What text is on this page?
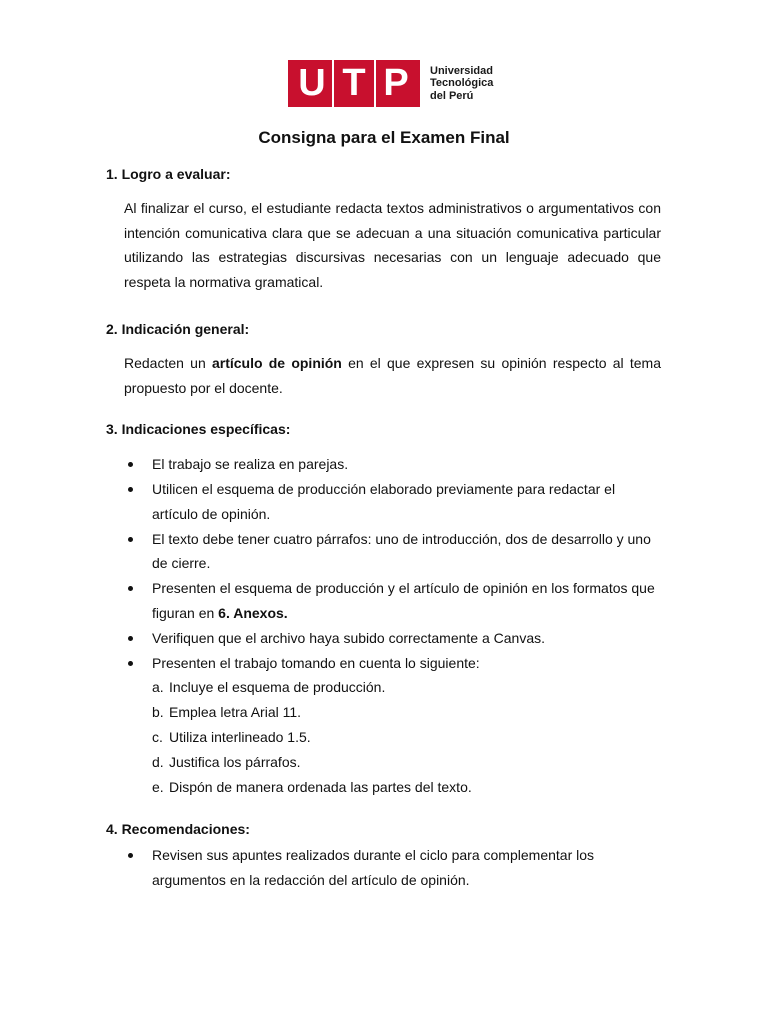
U T P	Universidad
Tecnológica
del Perú
Consigna para el Examen Final
1. Logro a evaluar:

Al finalizar el curso, el estudiante redacta textos administrativos o argumentativos con intención comunicativa clara que se adecuan a una situación comunicativa particular utilizando las estrategias discursivas necesarias con un lenguaje adecuado que respeta la normativa gramatical.

2. Indicación general:

Redacten un artículo de opinión en el que expresen su opinión respecto al tema propuesto por el docente.

3. Indicaciones específicas:
El trabajo se realiza en parejas.
Utilicen el esquema de producción elaborado previamente para redactar el artículo de opinión.
El texto debe tener cuatro párrafos: uno de introducción, dos de desarrollo y uno de cierre.
Presenten el esquema de producción y el artículo de opinión en los formatos que figuran en 6. Anexos.
Verifiquen que el archivo haya subido correctamente a Canvas.
Presenten el trabajo tomando en cuenta lo siguiente:
a. Incluye el esquema de producción.
b. Emplea letra Arial 11.
c. Utiliza interlineado 1.5.
d. Justifica los párrafos.
e. Dispón de manera ordenada las partes del texto.
4. Recomendaciones:
Revisen sus apuntes realizados durante el ciclo para complementar los argumentos en la redacción del artículo de opinión.
